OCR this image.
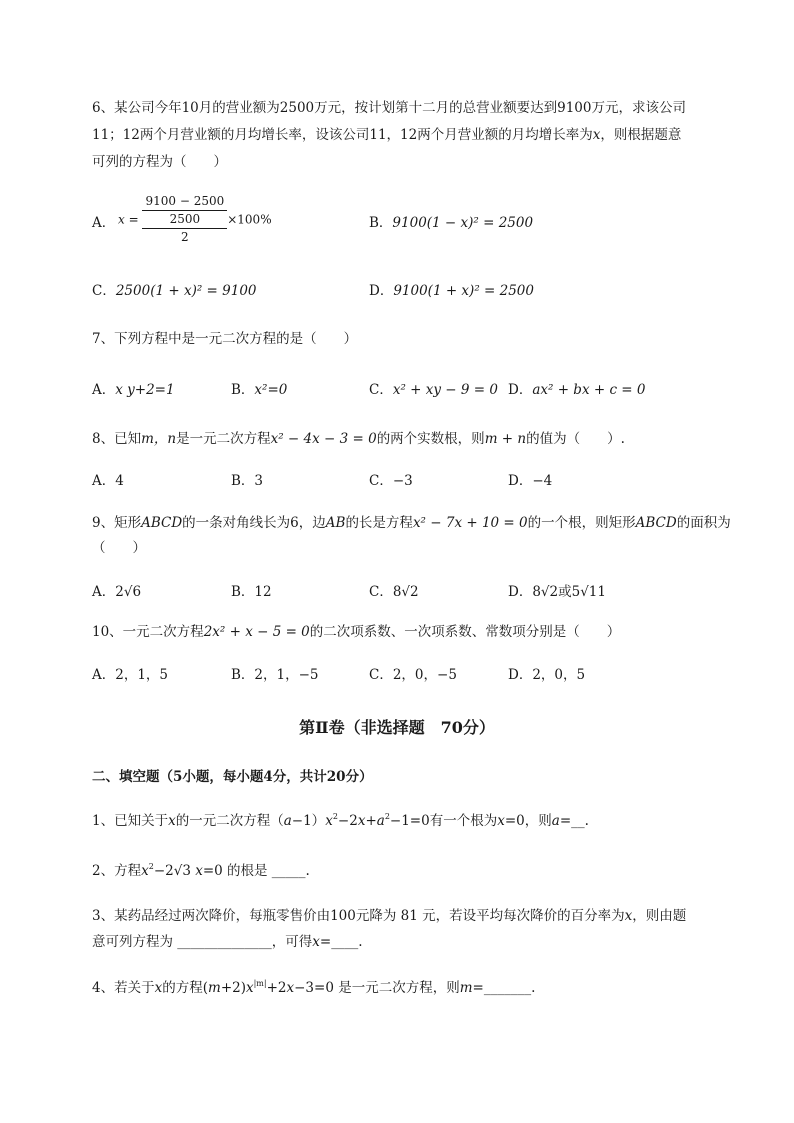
6、某公司今年10月的营业额为2500万元，按计划第十二月的总营业额要达到9100万元，求该公司
11；12两个月营业额的月均增长率，设该公司11，12两个月营业额的月均增长率为x，则根据题意
可列的方程为（　　）
A． x =
9100 − 2500
2500
2
×100%	B．9100(1 − x)² = 2500
C．2500(1 + x)² = 9100	D．9100(1 + x)² = 2500
7、下列方程中是一元二次方程的是（　　）
A．x y+2=1	B．x²=0	C．x² + xy − 9 = 0 D．ax² + bx + c = 0
8、已知m，n是一元二次方程x² − 4x − 3 = 0的两个实数根，则m + n的值为（　　）.
A．4	B．3	C．−3	D．−4
9、矩形ABCD的一条对角线长为6，边AB的长是方程x² − 7x + 10 = 0的一个根，则矩形ABCD的面积为
（　　）
A．2√6	B．12	C．8√2	D．8√2或5√11
10、一元二次方程2x² + x − 5 = 0的二次项系数、一次项系数、常数项分别是（　　）
A．2，1，5	B．2，1，−5	C．2，0，−5	D．2，0，5
第Ⅱ卷（非选择题　70分）
二、填空题（5小题，每小题4分，共计20分）
1、已知关于x的一元二次方程$(a-1)x^2-2x+a^2-1=0$有一个根为x=0，则a=__.
2、方程$x^2-2√3$ x=0 的根是 _____.
3、某药品经过两次降价，每瓶零售价由100元降为 81 元，若设平均每次降价的百分率为x，则由题
意可列方程为 ______________，可得x=____.
4、若关于x的方程$(m+2)x^{|m|}+2x-3=0$ 是一元二次方程，则m=_______.
